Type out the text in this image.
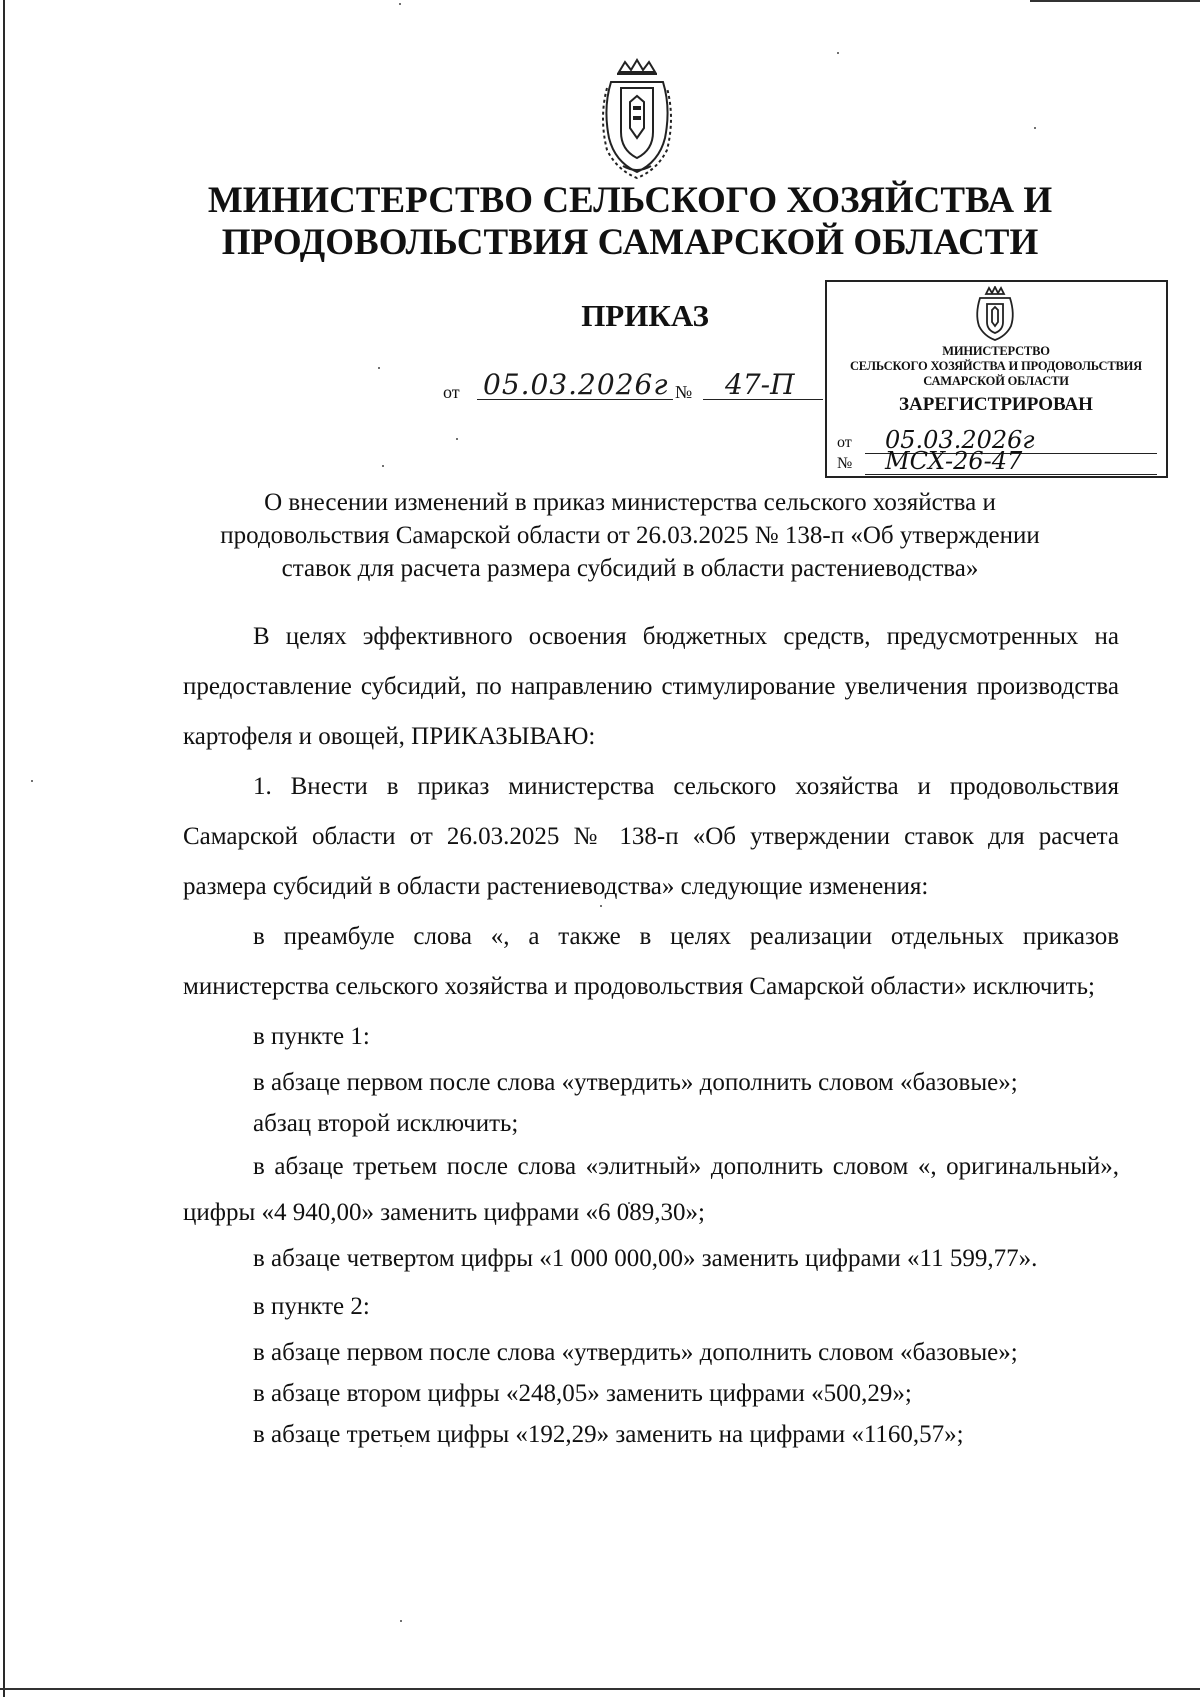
МИНИСТЕРСТВО СЕЛЬСКОГО ХОЗЯЙСТВА И
ПРОДОВОЛЬСТВИЯ САМАРСКОЙ ОБЛАСТИ
ПРИКАЗ
от 05.03.2026г №	47-П
МИНИСТЕРСТВО
СЕЛЬСКОГО ХОЗЯЙСТВА И ПРОДОВОЛЬСТВИЯ
САМАРСКОЙ ОБЛАСТИ
ЗАРЕГИСТРИРОВАН
от	05.03.2026г
№	МСХ-26-47
О внесении изменений в приказ министерства сельского хозяйства и
продовольствия Самарской области от 26.03.2025 № 138-п «Об утверждении
ставок для расчета размера субсидий в области растениеводства»

В целях эффективного освоения бюджетных средств, предусмотренных на предоставление субсидий, по направлению стимулирование увеличения производства картофеля и овощей, ПРИКАЗЫВАЮ:

1. Внести в приказ министерства сельского хозяйства и продовольствия Самарской области от 26.03.2025 № 138-п «Об утверждении ставок для расчета размера субсидий в области растениеводства» следующие изменения:

в преамбуле слова «, а также в целях реализации отдельных приказов министерства сельского хозяйства и продовольствия Самарской области» исключить;

в пункте 1:

в абзаце первом после слова «утвердить» дополнить словом «базовые»;

абзац второй исключить;

в абзаце третьем после слова «элитный» дополнить словом «, оригинальный», цифры «4 940,00» заменить цифрами «6 089,30»;

в абзаце четвертом цифры «1 000 000,00» заменить цифрами «11 599,77».

в пункте 2:

в абзаце первом после слова «утвердить» дополнить словом «базовые»;

в абзаце втором цифры «248,05» заменить цифрами «500,29»;

в абзаце третьем цифры «192,29» заменить на цифрами «1160,57»;
